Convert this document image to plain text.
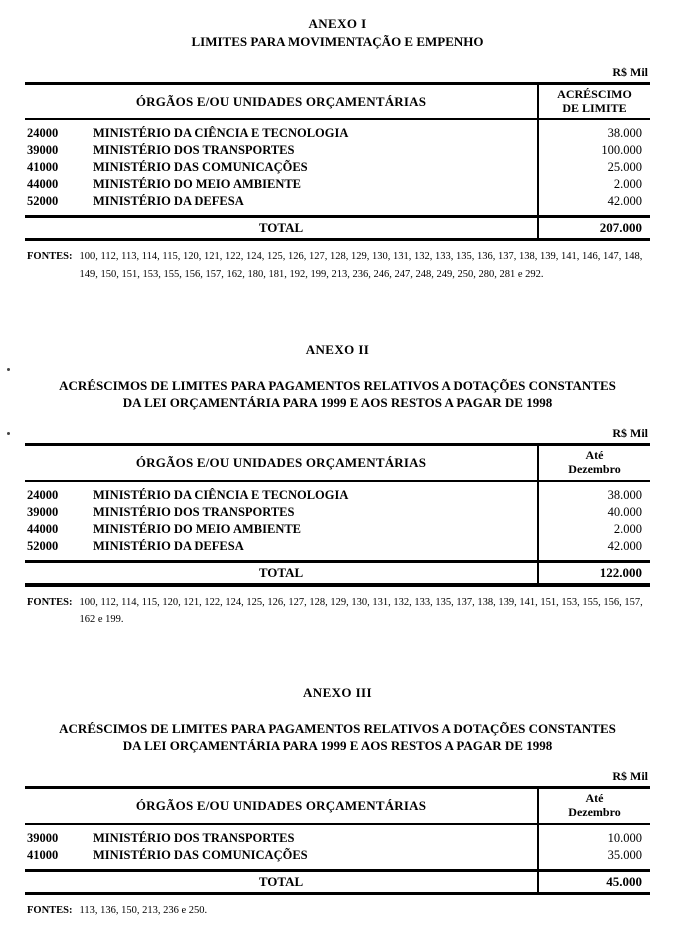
ANEXO I
LIMITES PARA MOVIMENTAÇÃO E EMPENHO
R$ Mil
ÓRGÃOS E/OU UNIDADES ORÇAMENTÁRIAS		ACRÉSCIMO
DE LIMITE
24000	MINISTÉRIO DA CIÊNCIA E TECNOLOGIA	38.000
39000	MINISTÉRIO DOS TRANSPORTES	100.000
41000	MINISTÉRIO DAS COMUNICAÇÕES	25.000
44000	MINISTÉRIO DO MEIO AMBIENTE	2.000
52000	MINISTÉRIO DA DEFESA	42.000
TOTAL		207.000
FONTES: 100, 112, 113, 114, 115, 120, 121, 122, 124, 125, 126, 127, 128, 129, 130, 131, 132, 133, 135, 136, 137, 138, 139, 141, 146, 147, 148, 149, 150, 151, 153, 155, 156, 157, 162, 180, 181, 192, 199, 213, 236, 246, 247, 248, 249, 250, 280, 281 e 292.
ANEXO II
ACRÉSCIMOS DE LIMITES PARA PAGAMENTOS RELATIVOS A DOTAÇÕES CONSTANTES DA LEI ORÇAMENTÁRIA PARA 1999 E AOS RESTOS A PAGAR DE 1998
R$ Mil
ÓRGÃOS E/OU UNIDADES ORÇAMENTÁRIAS		Até
Dezembro
24000	MINISTÉRIO DA CIÊNCIA E TECNOLOGIA	38.000
39000	MINISTÉRIO DOS TRANSPORTES	40.000
44000	MINISTÉRIO DO MEIO AMBIENTE	2.000
52000	MINISTÉRIO DA DEFESA	42.000
TOTAL		122.000
FONTES: 100, 112, 114, 115, 120, 121, 122, 124, 125, 126, 127, 128, 129, 130, 131, 132, 133, 135, 137, 138, 139, 141, 151, 153, 155, 156, 157, 162 e 199.
ANEXO III
ACRÉSCIMOS DE LIMITES PARA PAGAMENTOS RELATIVOS A DOTAÇÕES CONSTANTES DA LEI ORÇAMENTÁRIA PARA 1999 E AOS RESTOS A PAGAR DE 1998
R$ Mil
ÓRGÃOS E/OU UNIDADES ORÇAMENTÁRIAS		Até
Dezembro
39000	MINISTÉRIO DOS TRANSPORTES	10.000
41000	MINISTÉRIO DAS COMUNICAÇÕES	35.000
TOTAL		45.000
FONTES: 113, 136, 150, 213, 236 e 250.
